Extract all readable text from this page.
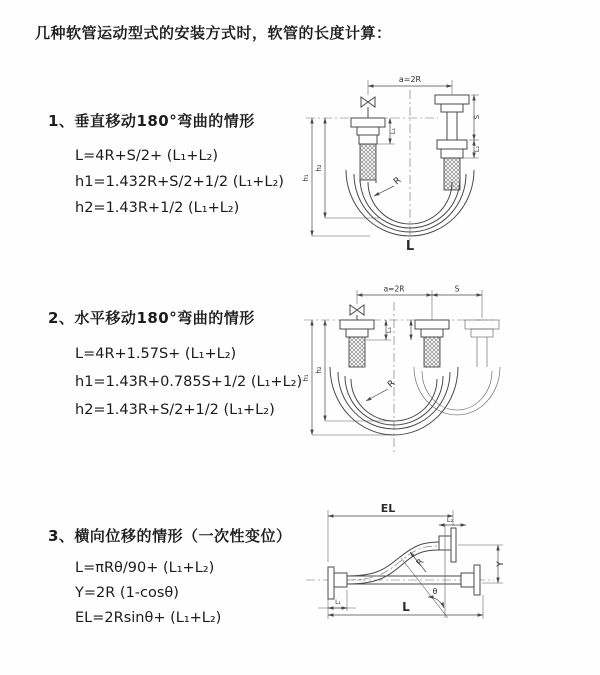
几种软管运动型式的安装方式时，软管的长度计算：
1、垂直移动180°弯曲的情形
L=4R+S/2+ (L₁+L₂)
h1=1.432R+S/2+1/2 (L₁+L₂)
h2=1.43R+1/2 (L₁+L₂)
a=2R
L₁
h₁
h₂
S
L₂
R
L
2、水平移动180°弯曲的情形
L=4R+1.57S+ (L₁+L₂)
h1=1.43R+0.785S+1/2 (L₁+L₂)
h2=1.43R+S/2+1/2 (L₁+L₂)
a=2R	S
L₁
h₁
h₂
R
3、横向位移的情形（一次性变位）
L=πRθ/90+ (L₁+L₂)
Y=2R (1-cosθ)
EL=2Rsinθ+ (L₁+L₂)
EL
L₂
Y
θ
R
L₁	L
